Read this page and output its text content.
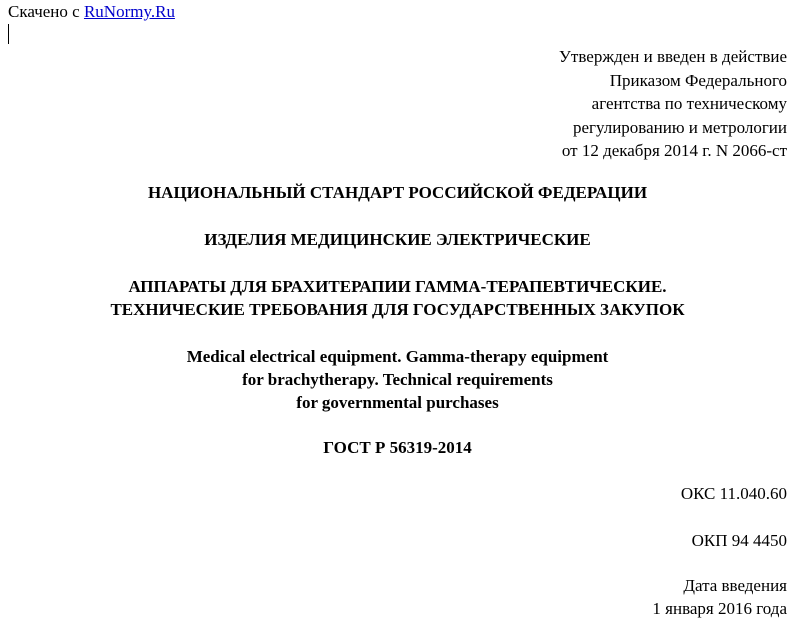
Скачено с RuNormy.Ru
Утвержден и введен в действие
Приказом Федерального
агентства по техническому
регулированию и метрологии
от 12 декабря 2014 г. N 2066-ст
НАЦИОНАЛЬНЫЙ СТАНДАРТ РОССИЙСКОЙ ФЕДЕРАЦИИ
ИЗДЕЛИЯ МЕДИЦИНСКИЕ ЭЛЕКТРИЧЕСКИЕ
АППАРАТЫ ДЛЯ БРАХИТЕРАПИИ ГАММА-ТЕРАПЕВТИЧЕСКИЕ.
ТЕХНИЧЕСКИЕ ТРЕБОВАНИЯ ДЛЯ ГОСУДАРСТВЕННЫХ ЗАКУПОК
Medical electrical equipment. Gamma-therapy equipment
for brachytherapy. Technical requirements
for governmental purchases
ГОСТ Р 56319-2014
ОКС 11.040.60
ОКП 94 4450
Дата введения
1 января 2016 года
